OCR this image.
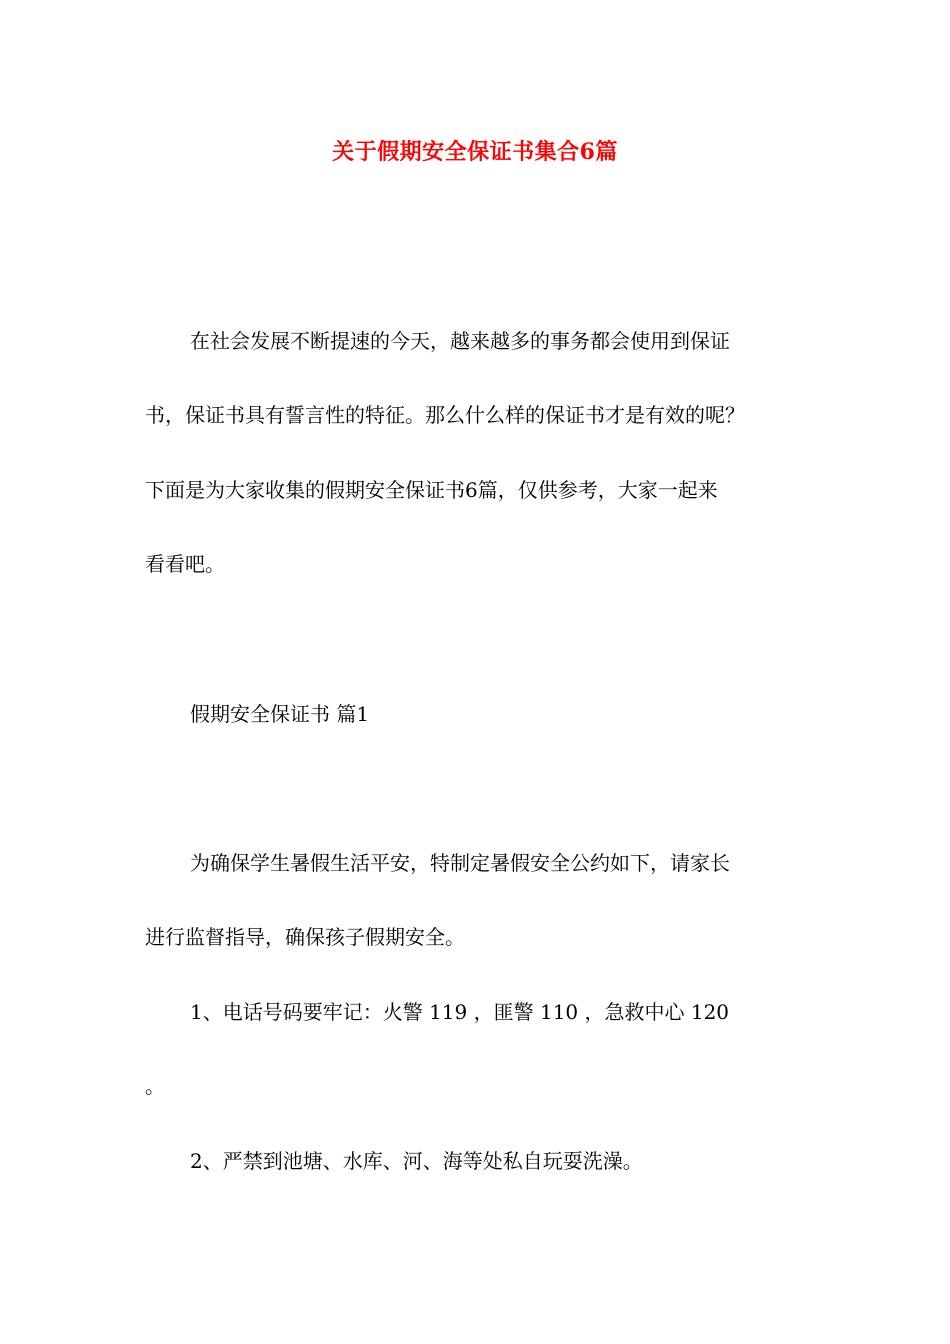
关于假期安全保证书集合6篇
在社会发展不断提速的今天，越来越多的事务都会使用到保证
书，保证书具有誓言性的特征。那么什么样的保证书才是有效的呢？
下面是为大家收集的假期安全保证书6篇，仅供参考，大家一起来
看看吧。
假期安全保证书 篇1
为确保学生暑假生活平安，特制定暑假安全公约如下，请家长
进行监督指导，确保孩子假期安全。
1、电话号码要牢记：火警 119 ，匪警 110 ，急救中心 120
。
2、严禁到池塘、水库、河、海等处私自玩耍洗澡。
